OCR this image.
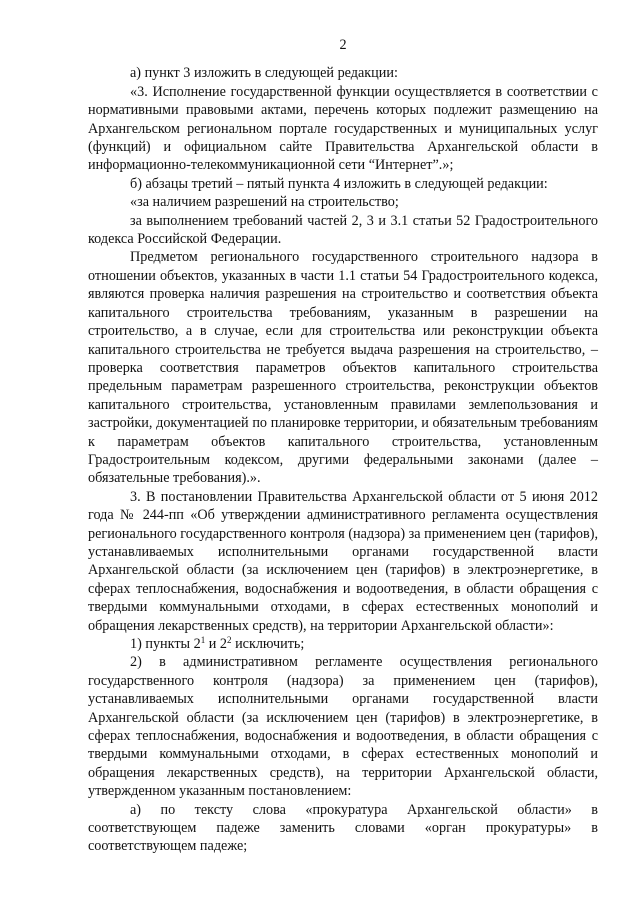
2

а) пункт 3 изложить в следующей редакции:

«3. Исполнение государственной функции осуществляется в соответствии с нормативными правовыми актами, перечень которых подлежит размещению на Архангельском региональном портале государственных и муниципальных услуг (функций) и официальном сайте Правительства Архангельской области в информационно-телекоммуникационной сети “Интернет”.»;

б) абзацы третий – пятый пункта 4 изложить в следующей редакции:

«за наличием разрешений на строительство;

за выполнением требований частей 2, 3 и 3.1 статьи 52 Градостроительного кодекса Российской Федерации.

Предметом регионального государственного строительного надзора в отношении объектов, указанных в части 1.1 статьи 54 Градостроительного кодекса, являются проверка наличия разрешения на строительство и соответствия объекта капитального строительства требованиям, указанным в разрешении на строительство, а в случае, если для строительства или реконструкции объекта капитального строительства не требуется выдача разрешения на строительство, – проверка соответствия параметров объектов капитального строительства предельным параметрам разрешенного строительства, реконструкции объектов капитального строительства, установленным правилами землепользования и застройки, документацией по планировке территории, и обязательным требованиям к параметрам объектов капитального строительства, установленным Градостроительным кодексом, другими федеральными законами (далее – обязательные требования).».

3. В постановлении Правительства Архангельской области от 5 июня 2012 года № 244-пп «Об утверждении административного регламента осуществления регионального государственного контроля (надзора) за применением цен (тарифов), устанавливаемых исполнительными органами государственной власти Архангельской области (за исключением цен (тарифов) в электроэнергетике, в сферах теплоснабжения, водоснабжения и водоотведения, в области обращения с твердыми коммунальными отходами, в сферах естественных монополий и обращения лекарственных средств), на территории Архангельской области»:

1) пункты $2^1$ и $2^2$ исключить;

2) в административном регламенте осуществления регионального государственного контроля (надзора) за применением цен (тарифов), устанавливаемых исполнительными органами государственной власти Архангельской области (за исключением цен (тарифов) в электроэнергетике, в сферах теплоснабжения, водоснабжения и водоотведения, в области обращения с твердыми коммунальными отходами, в сферах естественных монополий и обращения лекарственных средств), на территории Архангельской области, утвержденном указанным постановлением:

а) по тексту слова «прокуратура Архангельской области» в соответствующем падеже заменить словами «орган прокуратуры» в соответствующем падеже;
